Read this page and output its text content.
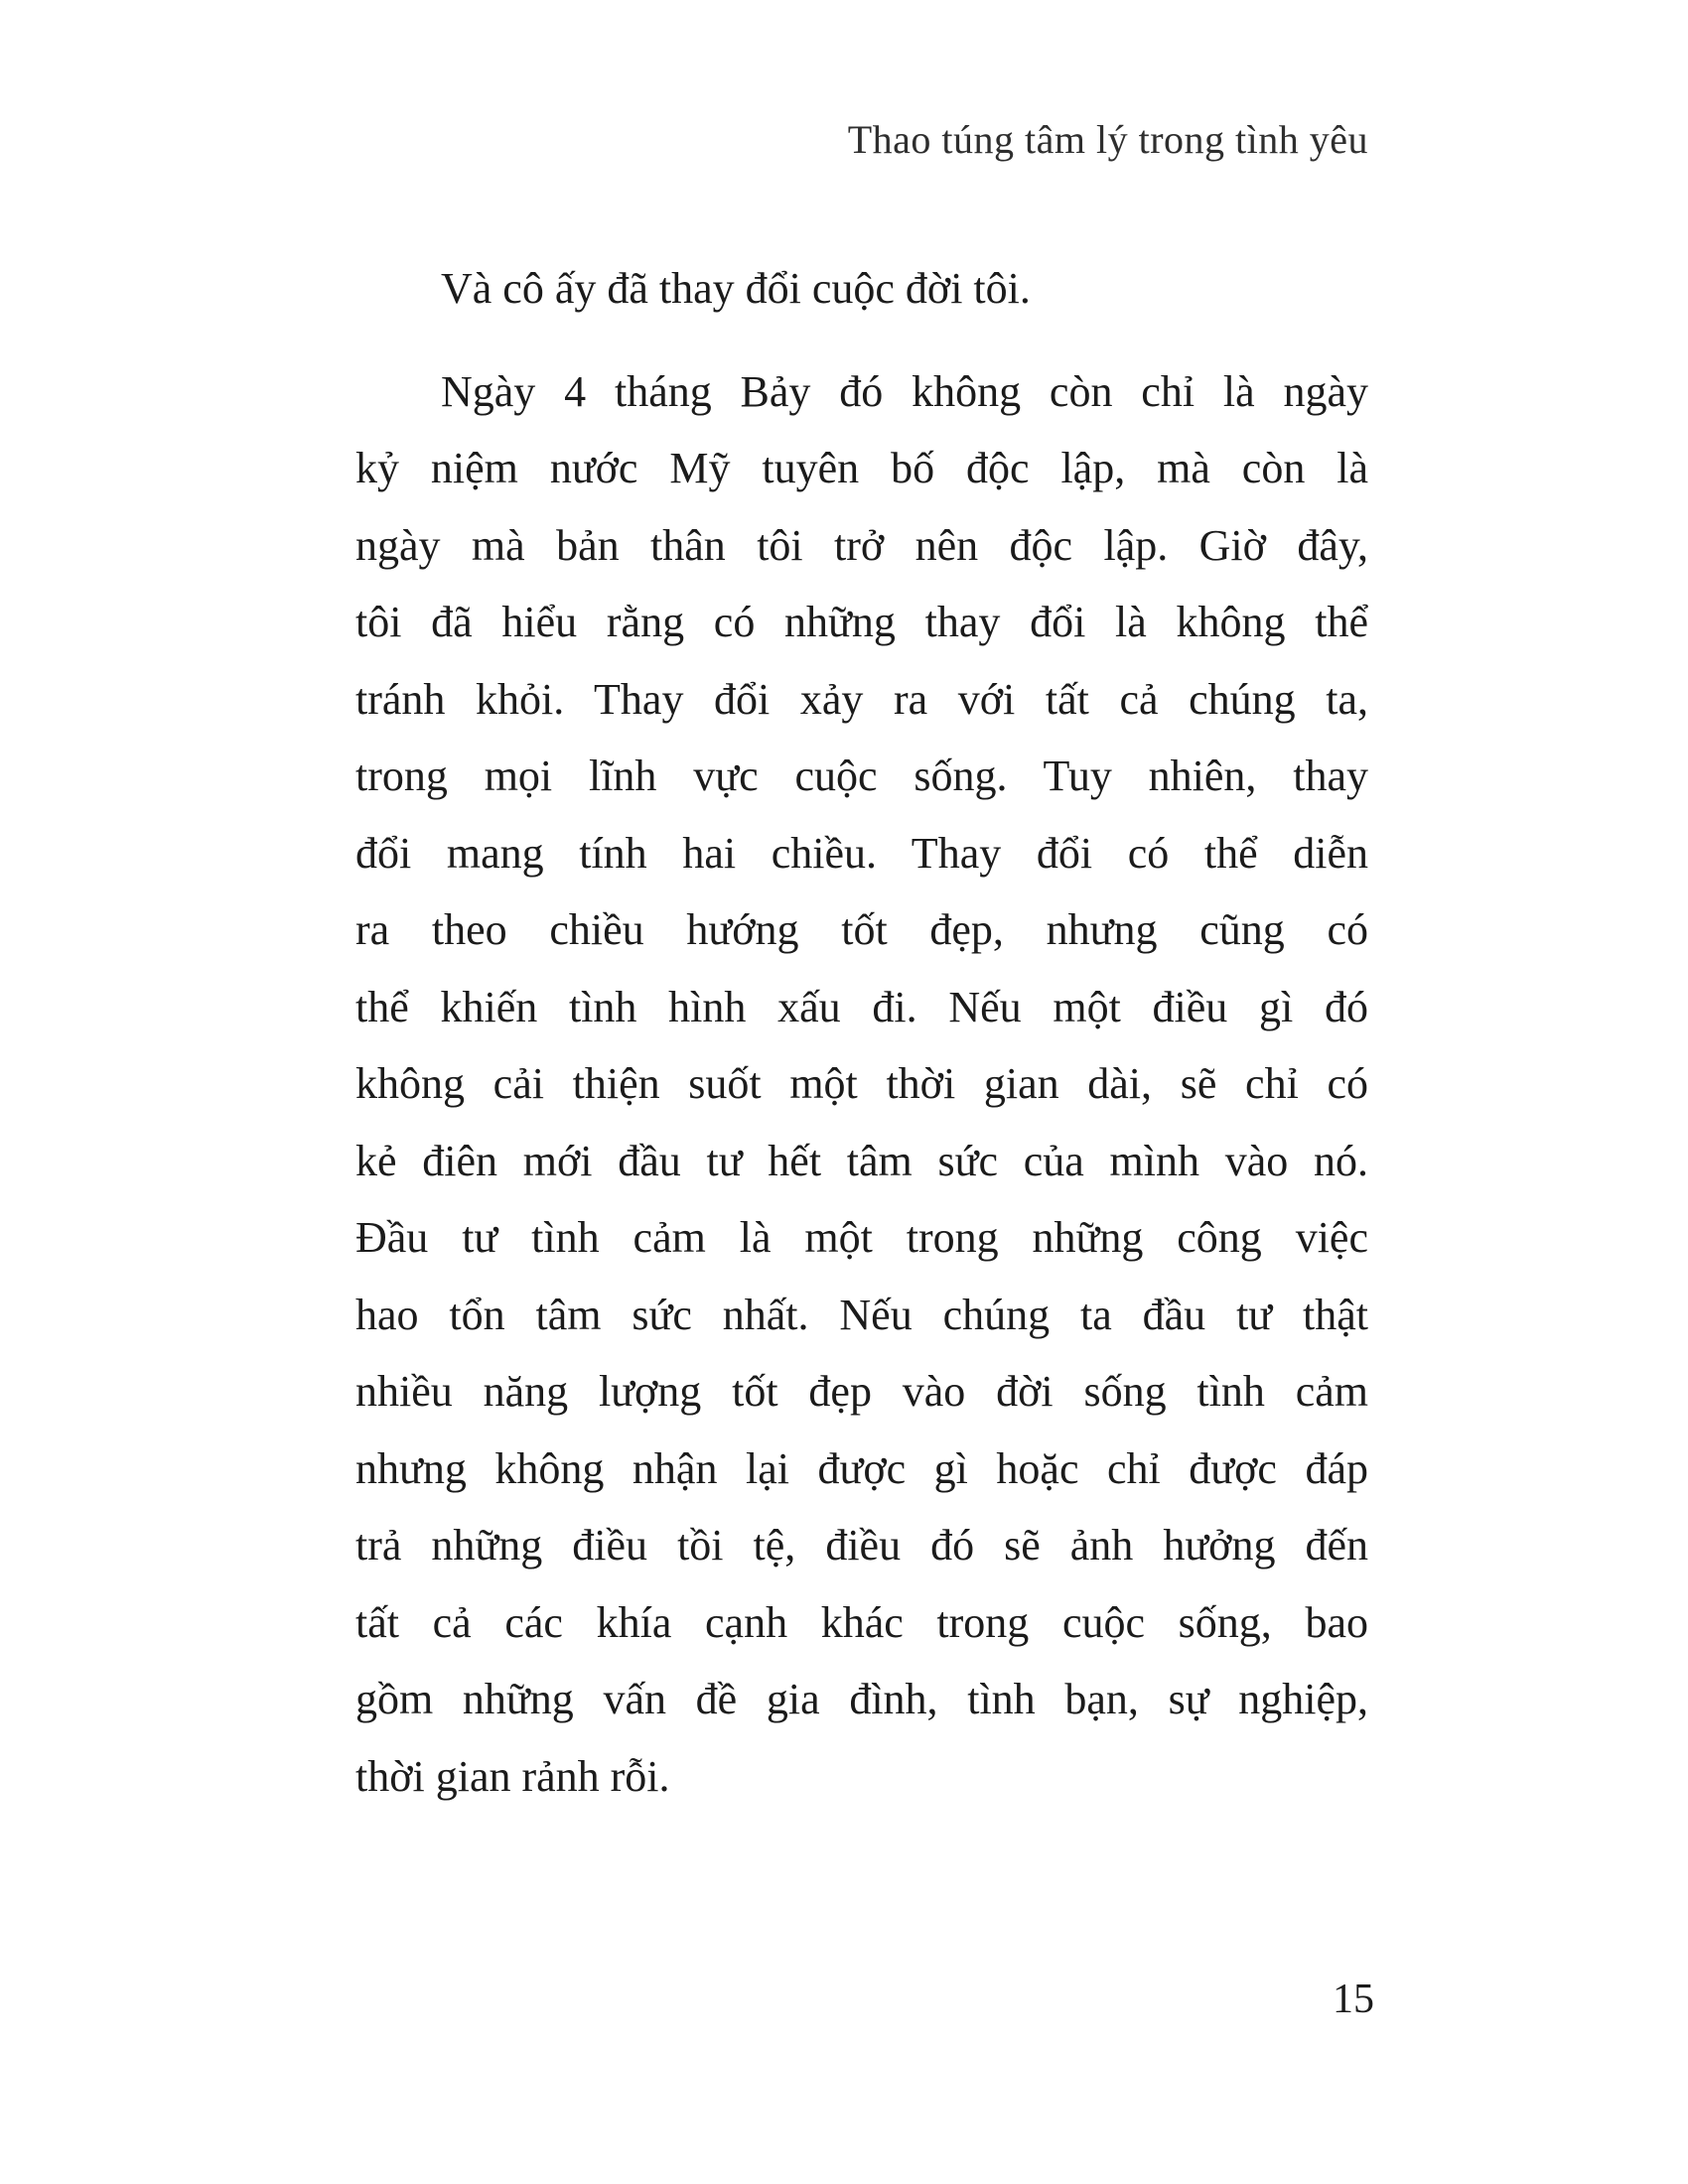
Thao túng tâm lý trong tình yêu
Và cô ấy đã thay đổi cuộc đời tôi.
Ngày 4 tháng Bảy đó không còn chỉ là ngày
kỷ niệm nước Mỹ tuyên bố độc lập, mà còn là
ngày mà bản thân tôi trở nên độc lập. Giờ đây,
tôi đã hiểu rằng có những thay đổi là không thể
tránh khỏi. Thay đổi xảy ra với tất cả chúng ta,
trong mọi lĩnh vực cuộc sống. Tuy nhiên, thay
đổi mang tính hai chiều. Thay đổi có thể diễn
ra theo chiều hướng tốt đẹp, nhưng cũng có
thể khiến tình hình xấu đi. Nếu một điều gì đó
không cải thiện suốt một thời gian dài, sẽ chỉ có
kẻ điên mới đầu tư hết tâm sức của mình vào nó.
Đầu tư tình cảm là một trong những công việc
hao tổn tâm sức nhất. Nếu chúng ta đầu tư thật
nhiều năng lượng tốt đẹp vào đời sống tình cảm
nhưng không nhận lại được gì hoặc chỉ được đáp
trả những điều tồi tệ, điều đó sẽ ảnh hưởng đến
tất cả các khía cạnh khác trong cuộc sống, bao
gồm những vấn đề gia đình, tình bạn, sự nghiệp,
thời gian rảnh rỗi.
15
